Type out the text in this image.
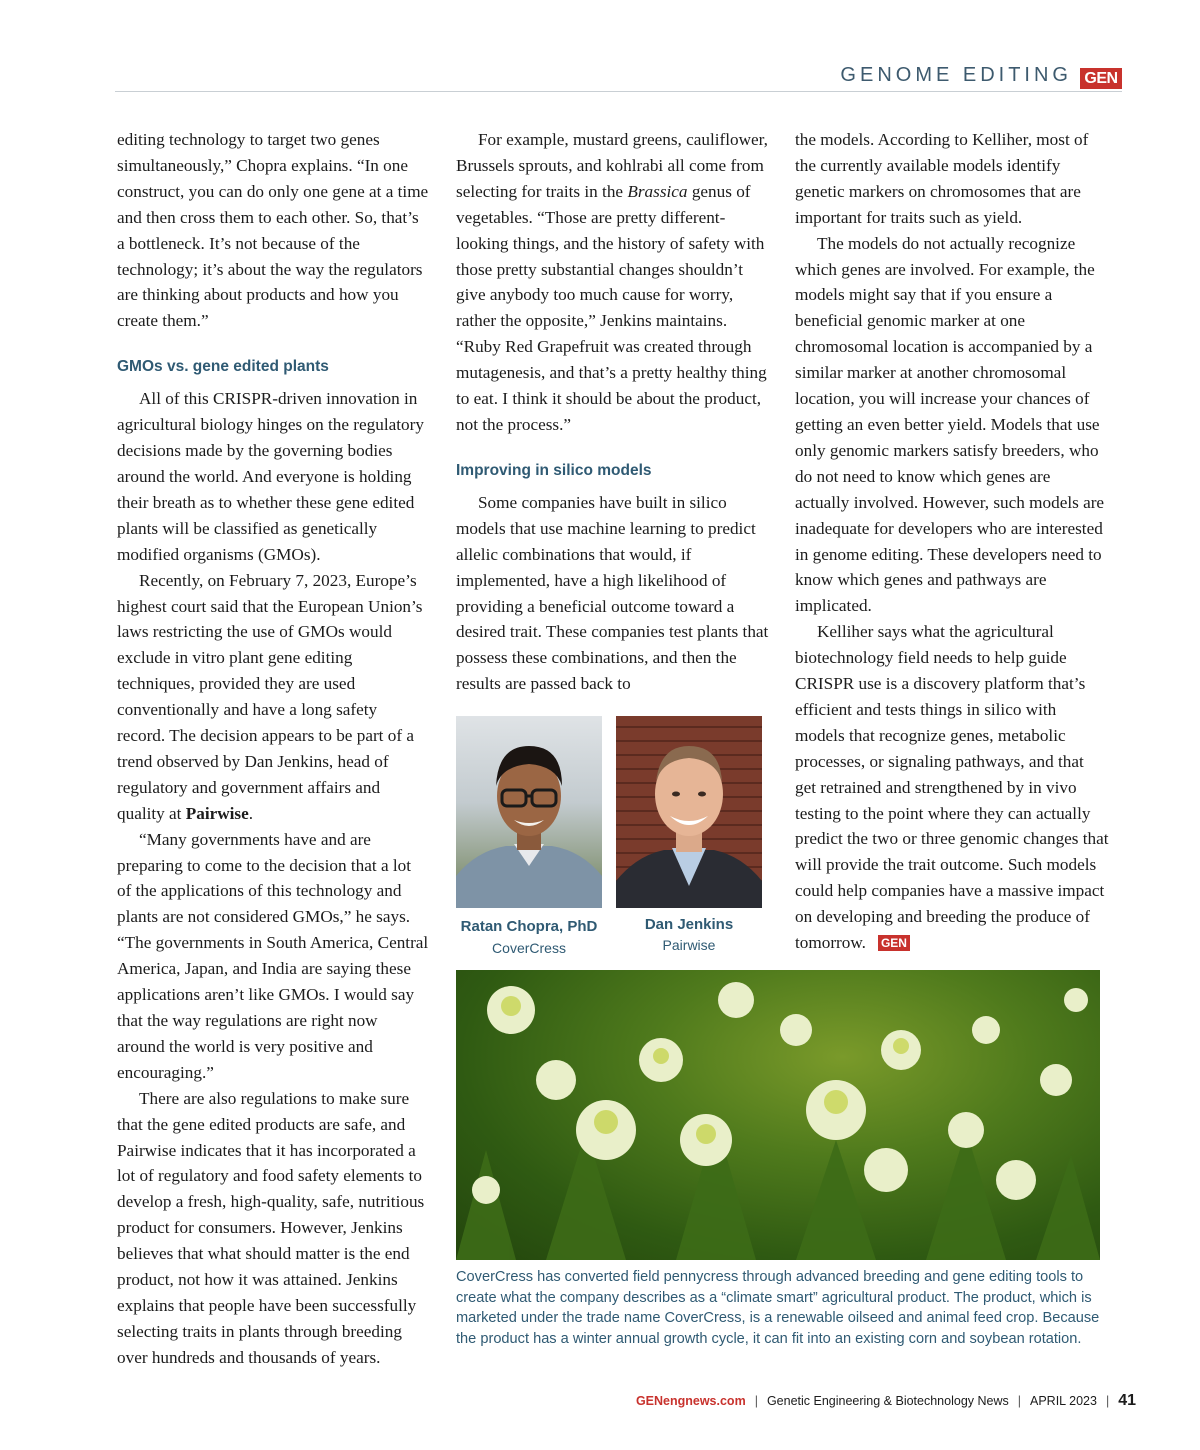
GENOME EDITING GEN

editing technology to target two genes simultaneously,” Chopra explains. “In one construct, you can do only one gene at a time and then cross them to each other. So, that’s a bottleneck. It’s not because of the technology; it’s about the way the regulators are thinking about products and how you create them.”

GMOs vs. gene edited plants

All of this CRISPR-driven innovation in agricultural biology hinges on the regulatory decisions made by the governing bodies around the world. And everyone is holding their breath as to whether these gene edited plants will be classified as genetically modified organisms (GMOs).

Recently, on February 7, 2023, Europe’s highest court said that the European Union’s laws restricting the use of GMOs would exclude in vitro plant gene editing techniques, provided they are used conventionally and have a long safety record. The decision appears to be part of a trend observed by Dan Jenkins, head of regulatory and government affairs and quality at Pairwise.

“Many governments have and are preparing to come to the decision that a lot of the applications of this technology and plants are not considered GMOs,” he says. “The governments in South America, Central America, Japan, and India are saying these applications aren’t like GMOs. I would say that the way regulations are right now around the world is very positive and encouraging.”

There are also regulations to make sure that the gene edited products are safe, and Pairwise indicates that it has incorporated a lot of regulatory and food safety elements to develop a fresh, high-quality, safe, nutritious product for consumers. However, Jenkins believes that what should matter is the end product, not how it was attained. Jenkins explains that people have been successfully selecting traits in plants through breeding over hundreds and thousands of years.

For example, mustard greens, cauliflower, Brussels sprouts, and kohlrabi all come from selecting for traits in the Brassica genus of vegetables. “Those are pretty different-looking things, and the history of safety with those pretty substantial changes shouldn’t give anybody too much cause for worry, rather the opposite,” Jenkins maintains. “Ruby Red Grapefruit was created through mutagenesis, and that’s a pretty healthy thing to eat. I think it should be about the product, not the process.”

Improving in silico models

Some companies have built in silico models that use machine learning to predict allelic combinations that would, if implemented, have a high likelihood of providing a beneficial outcome toward a desired trait. These companies test plants that possess these combinations, and then the results are passed back to

the models. According to Kelliher, most of the currently available models identify genetic markers on chromosomes that are important for traits such as yield.

The models do not actually recognize which genes are involved. For example, the models might say that if you ensure a beneficial genomic marker at one chromosomal location is accompanied by a similar marker at another chromosomal location, you will increase your chances of getting an even better yield. Models that use only genomic markers satisfy breeders, who do not need to know which genes are actually involved. However, such models are inadequate for developers who are interested in genome editing. These developers need to know which genes and pathways are implicated.

Kelliher says what the agricultural biotechnology field needs to help guide CRISPR use is a discovery platform that’s efficient and tests things in silico with models that recognize genes, metabolic processes, or signaling pathways, and that get retrained and strengthened by in vivo testing to the point where they can actually predict the two or three genomic changes that will provide the trait outcome. Such models could help companies have a massive impact on developing and breeding the produce of tomorrow. GEN

Ratan Chopra, PhD
CoverCress
Dan Jenkins
Pairwise
CoverCress has converted field pennycress through advanced breeding and gene editing tools to create what the company describes as a “climate smart” agricultural product. The product, which is marketed under the trade name CoverCress, is a renewable oilseed and animal feed crop. Because the product has a winter annual growth cycle, it can fit into an existing corn and soybean rotation.
GENengnews.com | Genetic Engineering & Biotechnology News | APRIL 2023 | 41
